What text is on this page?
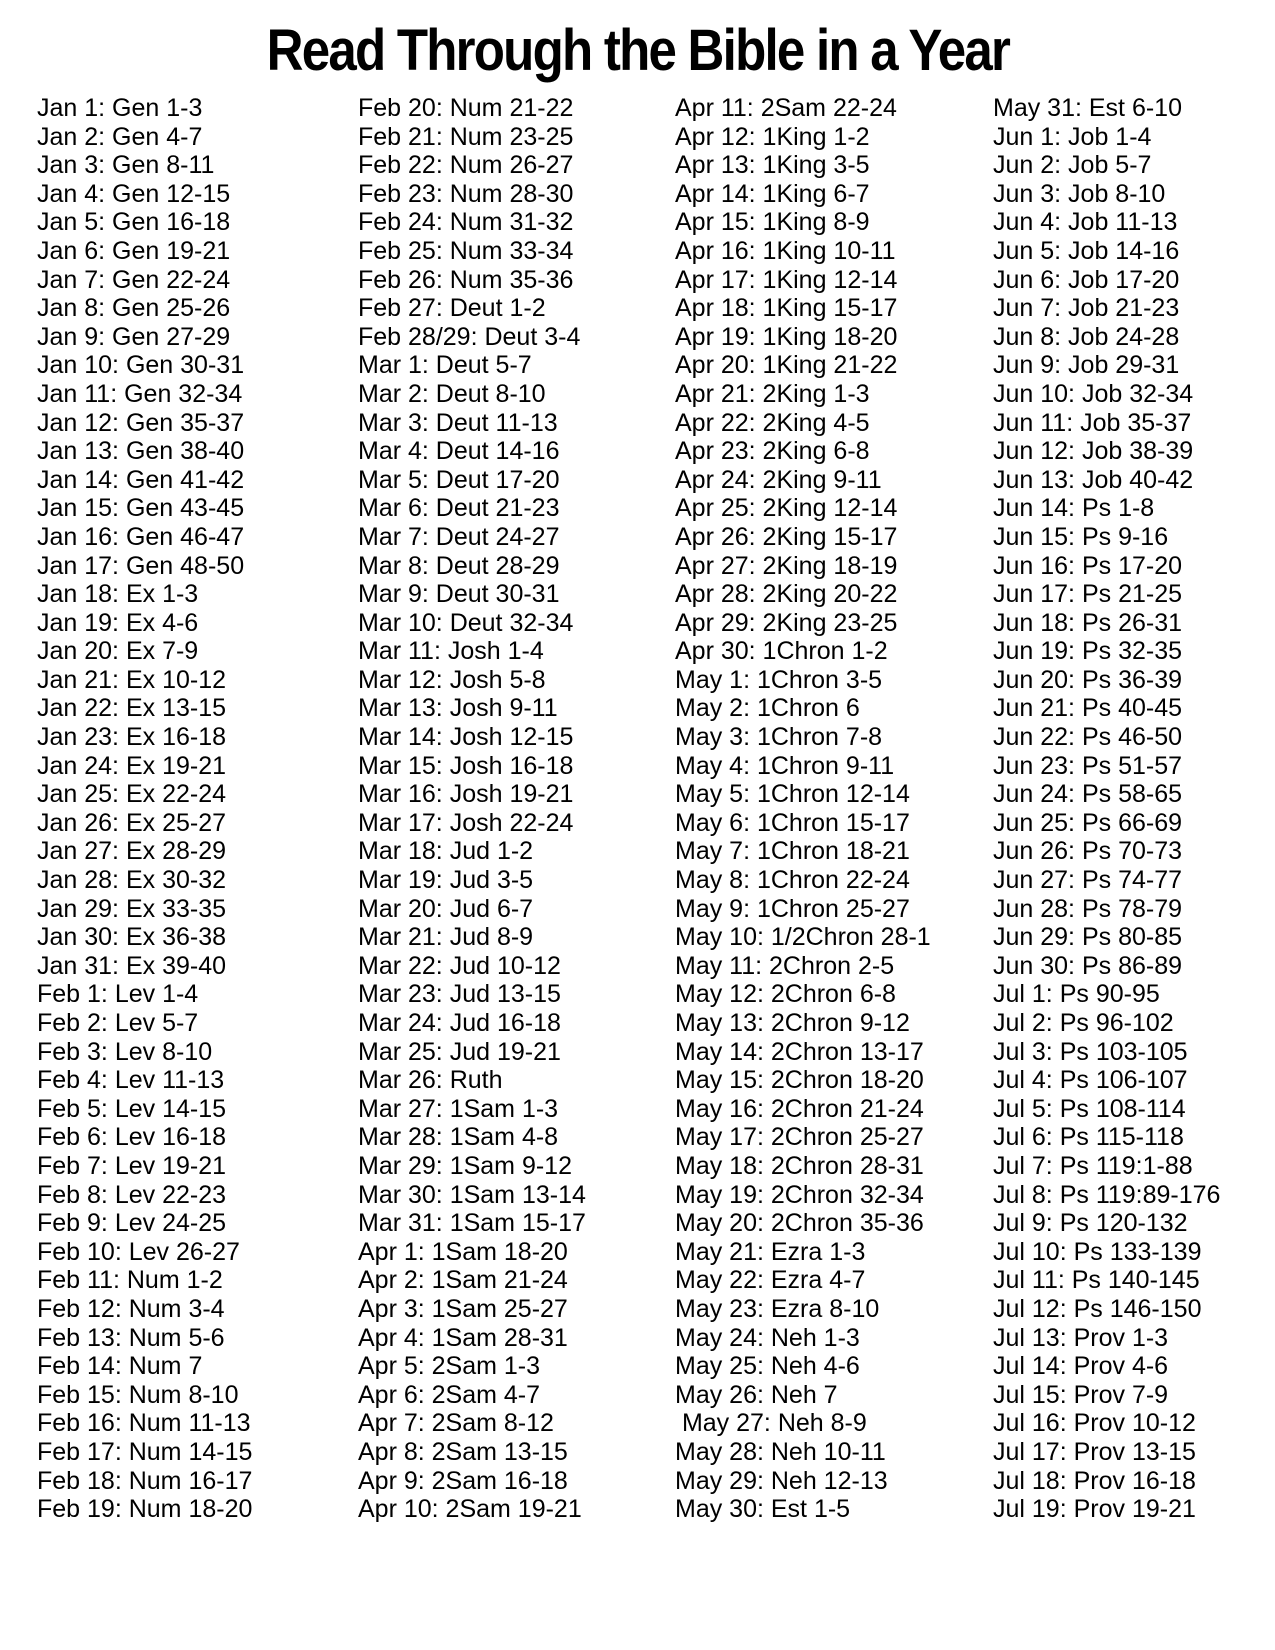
Read Through the Bible in a Year
Jan 1: Gen 1-3
Jan 2: Gen 4-7
Jan 3: Gen 8-11
Jan 4: Gen 12-15
Jan 5: Gen 16-18
Jan 6: Gen 19-21
Jan 7: Gen 22-24
Jan 8: Gen 25-26
Jan 9: Gen 27-29
Jan 10: Gen 30-31
Jan 11: Gen 32-34
Jan 12: Gen 35-37
Jan 13: Gen 38-40
Jan 14: Gen 41-42
Jan 15: Gen 43-45
Jan 16: Gen 46-47
Jan 17: Gen 48-50
Jan 18: Ex 1-3
Jan 19: Ex 4-6
Jan 20: Ex 7-9
Jan 21: Ex 10-12
Jan 22: Ex 13-15
Jan 23: Ex 16-18
Jan 24: Ex 19-21
Jan 25: Ex 22-24
Jan 26: Ex 25-27
Jan 27: Ex 28-29
Jan 28: Ex 30-32
Jan 29: Ex 33-35
Jan 30: Ex 36-38
Jan 31: Ex 39-40
Feb 1: Lev 1-4
Feb 2: Lev 5-7
Feb 3: Lev 8-10
Feb 4: Lev 11-13
Feb 5: Lev 14-15
Feb 6: Lev 16-18
Feb 7: Lev 19-21
Feb 8: Lev 22-23
Feb 9: Lev 24-25
Feb 10: Lev 26-27
Feb 11: Num 1-2
Feb 12: Num 3-4
Feb 13: Num 5-6
Feb 14: Num 7
Feb 15: Num 8-10
Feb 16: Num 11-13
Feb 17: Num 14-15
Feb 18: Num 16-17
Feb 19: Num 18-20
Feb 20: Num 21-22
Feb 21: Num 23-25
Feb 22: Num 26-27
Feb 23: Num 28-30
Feb 24: Num 31-32
Feb 25: Num 33-34
Feb 26: Num 35-36
Feb 27: Deut 1-2
Feb 28/29: Deut 3-4
Mar 1: Deut 5-7
Mar 2: Deut 8-10
Mar 3: Deut 11-13
Mar 4: Deut 14-16
Mar 5: Deut 17-20
Mar 6: Deut 21-23
Mar 7: Deut 24-27
Mar 8: Deut 28-29
Mar 9: Deut 30-31
Mar 10: Deut 32-34
Mar 11: Josh 1-4
Mar 12: Josh 5-8
Mar 13: Josh 9-11
Mar 14: Josh 12-15
Mar 15: Josh 16-18
Mar 16: Josh 19-21
Mar 17: Josh 22-24
Mar 18: Jud 1-2
Mar 19: Jud 3-5
Mar 20: Jud 6-7
Mar 21: Jud 8-9
Mar 22: Jud 10-12
Mar 23: Jud 13-15
Mar 24: Jud 16-18
Mar 25: Jud 19-21
Mar 26: Ruth
Mar 27: 1Sam 1-3
Mar 28: 1Sam 4-8
Mar 29: 1Sam 9-12
Mar 30: 1Sam 13-14
Mar 31: 1Sam 15-17
Apr 1: 1Sam 18-20
Apr 2: 1Sam 21-24
Apr 3: 1Sam 25-27
Apr 4: 1Sam 28-31
Apr 5: 2Sam 1-3
Apr 6: 2Sam 4-7
Apr 7: 2Sam 8-12
Apr 8: 2Sam 13-15
Apr 9: 2Sam 16-18
Apr 10: 2Sam 19-21
Apr 11: 2Sam 22-24
Apr 12: 1King 1-2
Apr 13: 1King 3-5
Apr 14: 1King 6-7
Apr 15: 1King 8-9
Apr 16: 1King 10-11
Apr 17: 1King 12-14
Apr 18: 1King 15-17
Apr 19: 1King 18-20
Apr 20: 1King 21-22
Apr 21: 2King 1-3
Apr 22: 2King 4-5
Apr 23: 2King 6-8
Apr 24: 2King 9-11
Apr 25: 2King 12-14
Apr 26: 2King 15-17
Apr 27: 2King 18-19
Apr 28: 2King 20-22
Apr 29: 2King 23-25
Apr 30: 1Chron 1-2
May 1: 1Chron 3-5
May 2: 1Chron 6
May 3: 1Chron 7-8
May 4: 1Chron 9-11
May 5: 1Chron 12-14
May 6: 1Chron 15-17
May 7: 1Chron 18-21
May 8: 1Chron 22-24
May 9: 1Chron 25-27
May 10: 1/2Chron 28-1
May 11: 2Chron 2-5
May 12: 2Chron 6-8
May 13: 2Chron 9-12
May 14: 2Chron 13-17
May 15: 2Chron 18-20
May 16: 2Chron 21-24
May 17: 2Chron 25-27
May 18: 2Chron 28-31
May 19: 2Chron 32-34
May 20: 2Chron 35-36
May 21: Ezra 1-3
May 22: Ezra 4-7
May 23: Ezra 8-10
May 24: Neh 1-3
May 25: Neh 4-6
May 26: Neh 7
May 27: Neh 8-9
May 28: Neh 10-11
May 29: Neh 12-13
May 30: Est 1-5
May 31: Est 6-10
Jun 1: Job 1-4
Jun 2: Job 5-7
Jun 3: Job 8-10
Jun 4: Job 11-13
Jun 5: Job 14-16
Jun 6: Job 17-20
Jun 7: Job 21-23
Jun 8: Job 24-28
Jun 9: Job 29-31
Jun 10: Job 32-34
Jun 11: Job 35-37
Jun 12: Job 38-39
Jun 13: Job 40-42
Jun 14: Ps 1-8
Jun 15: Ps 9-16
Jun 16: Ps 17-20
Jun 17: Ps 21-25
Jun 18: Ps 26-31
Jun 19: Ps 32-35
Jun 20: Ps 36-39
Jun 21: Ps 40-45
Jun 22: Ps 46-50
Jun 23: Ps 51-57
Jun 24: Ps 58-65
Jun 25: Ps 66-69
Jun 26: Ps 70-73
Jun 27: Ps 74-77
Jun 28: Ps 78-79
Jun 29: Ps 80-85
Jun 30: Ps 86-89
Jul 1: Ps 90-95
Jul 2: Ps 96-102
Jul 3: Ps 103-105
Jul 4: Ps 106-107
Jul 5: Ps 108-114
Jul 6: Ps 115-118
Jul 7: Ps 119:1-88
Jul 8: Ps 119:89-176
Jul 9: Ps 120-132
Jul 10: Ps 133-139
Jul 11: Ps 140-145
Jul 12: Ps 146-150
Jul 13: Prov 1-3
Jul 14: Prov 4-6
Jul 15: Prov 7-9
Jul 16: Prov 10-12
Jul 17: Prov 13-15
Jul 18: Prov 16-18
Jul 19: Prov 19-21
